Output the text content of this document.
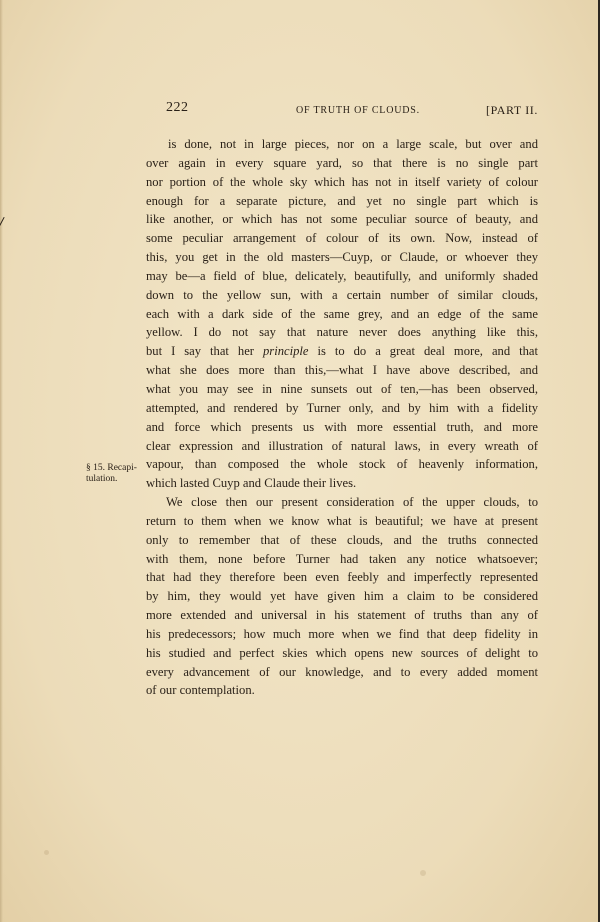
222	OF TRUTH OF CLOUDS.	[PART II.
§ 15. Recapi-
tulation.

is done, not in large pieces, nor on a large scale, but over and
over again in every square yard, so that there is no single part
nor portion of the whole sky which has not in itself variety of colour
enough for a separate picture, and yet no single part which is
like another, or which has not some peculiar source of beauty, and
some peculiar arrangement of colour of its own. Now, instead of
this, you get in the old masters—Cuyp, or Claude, or whoever they
may be—a field of blue, delicately, beautifully, and uniformly shaded
down to the yellow sun, with a certain number of similar clouds,
each with a dark side of the same grey, and an edge of the same
yellow. I do not say that nature never does anything like this,
but I say that her principle is to do a great deal more, and that
what she does more than this,—what I have above described, and
what you may see in nine sunsets out of ten,—has been observed,
attempted, and rendered by Turner only, and by him with a fidelity
and force which presents us with more essential truth, and more
clear expression and illustration of natural laws, in every wreath of
vapour, than composed the whole stock of heavenly information,
which lasted Cuyp and Claude their lives.

We close then our present consideration of the upper clouds, to
return to them when we know what is beautiful; we have at present
only to remember that of these clouds, and the truths connected
with them, none before Turner had taken any notice whatsoever;
that had they therefore been even feebly and imperfectly represented
by him, they would yet have given him a claim to be considered
more extended and universal in his statement of truths than any of
his predecessors; how much more when we find that deep fidelity in
his studied and perfect skies which opens new sources of delight to
every advancement of our knowledge, and to every added moment
of our contemplation.
